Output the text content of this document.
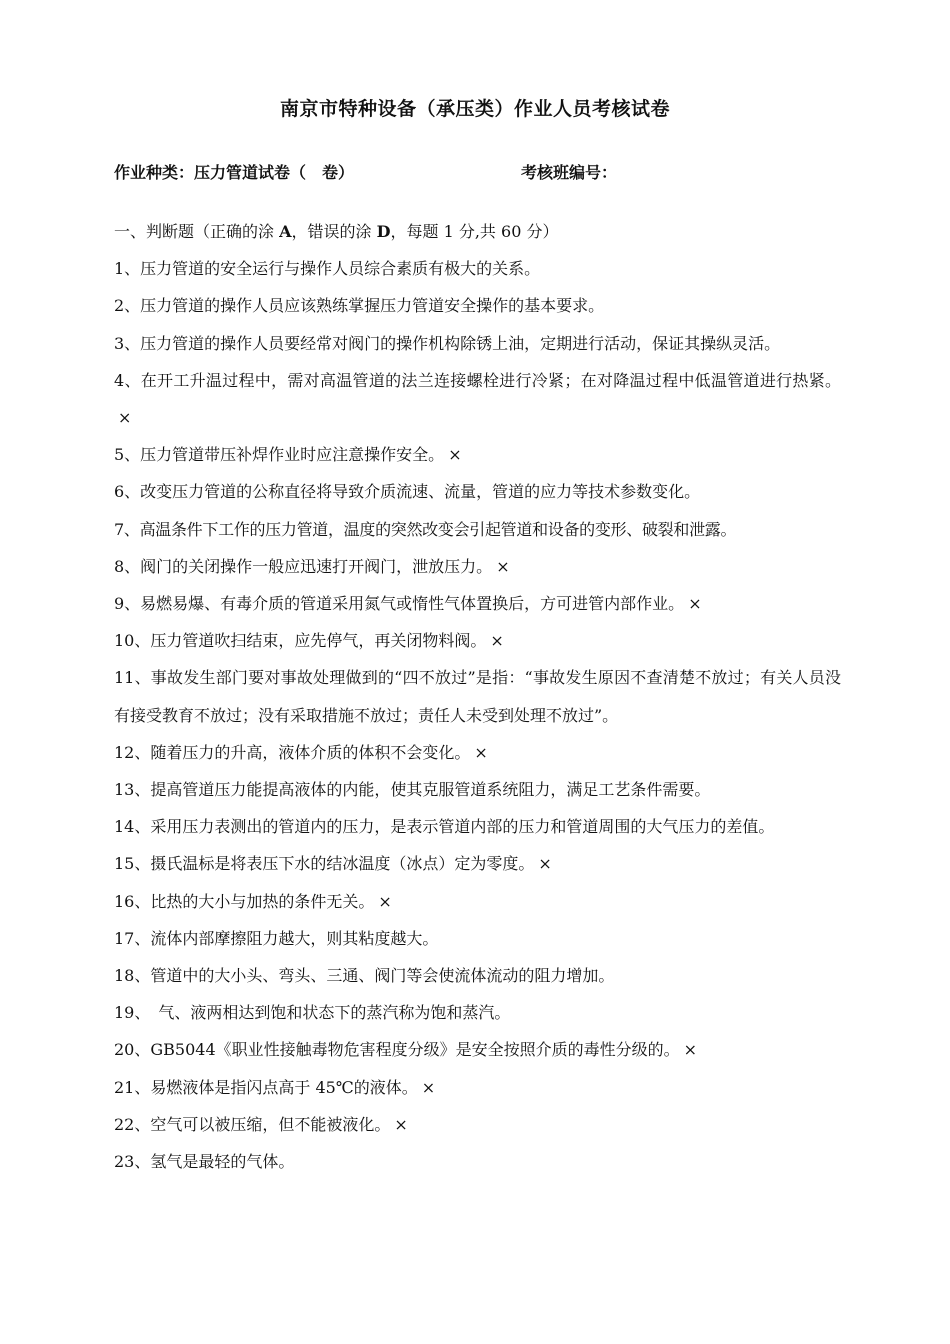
南京市特种设备（承压类）作业人员考核试卷
作业种类：压力管道试卷（　卷）	考核班编号：
一、判断题（正确的涂 A，错误的涂 D，每题 1 分,共 60 分）
1、压力管道的安全运行与操作人员综合素质有极大的关系。
2、压力管道的操作人员应该熟练掌握压力管道安全操作的基本要求。
3、压力管道的操作人员要经常对阀门的操作机构除锈上油，定期进行活动，保证其操纵灵活。
4、在开工升温过程中，需对高温管道的法兰连接螺栓进行冷紧；在对降温过程中低温管道进行热紧。×
5、压力管道带压补焊作业时应注意操作安全。 ×
6、改变压力管道的公称直径将导致介质流速、流量，管道的应力等技术参数变化。
7、高温条件下工作的压力管道，温度的突然改变会引起管道和设备的变形、破裂和泄露。
8、阀门的关闭操作一般应迅速打开阀门，泄放压力。 ×
9、易燃易爆、有毒介质的管道采用氮气或惰性气体置换后，方可进管内部作业。 ×
10、压力管道吹扫结束，应先停气，再关闭物料阀。 ×
11、事故发生部门要对事故处理做到的“四不放过”是指：“事故发生原因不查清楚不放过；有关人员没有接受教育不放过；没有采取措施不放过；责任人未受到处理不放过”。
12、随着压力的升高，液体介质的体积不会变化。 ×
13、提高管道压力能提高液体的内能，使其克服管道系统阻力，满足工艺条件需要。
14、采用压力表测出的管道内的压力，是表示管道内部的压力和管道周围的大气压力的差值。
15、摄氏温标是将表压下水的结冰温度（冰点）定为零度。 ×
16、比热的大小与加热的条件无关。 ×
17、流体内部摩擦阻力越大，则其粘度越大。
18、管道中的大小头、弯头、三通、阀门等会使流体流动的阻力增加。
19、　气、液两相达到饱和状态下的蒸汽称为饱和蒸汽。
20、GB5044《职业性接触毒物危害程度分级》是安全按照介质的毒性分级的。 ×
21、易燃液体是指闪点高于 45℃的液体。 ×
22、空气可以被压缩，但不能被液化。 ×
23、氢气是最轻的气体。
